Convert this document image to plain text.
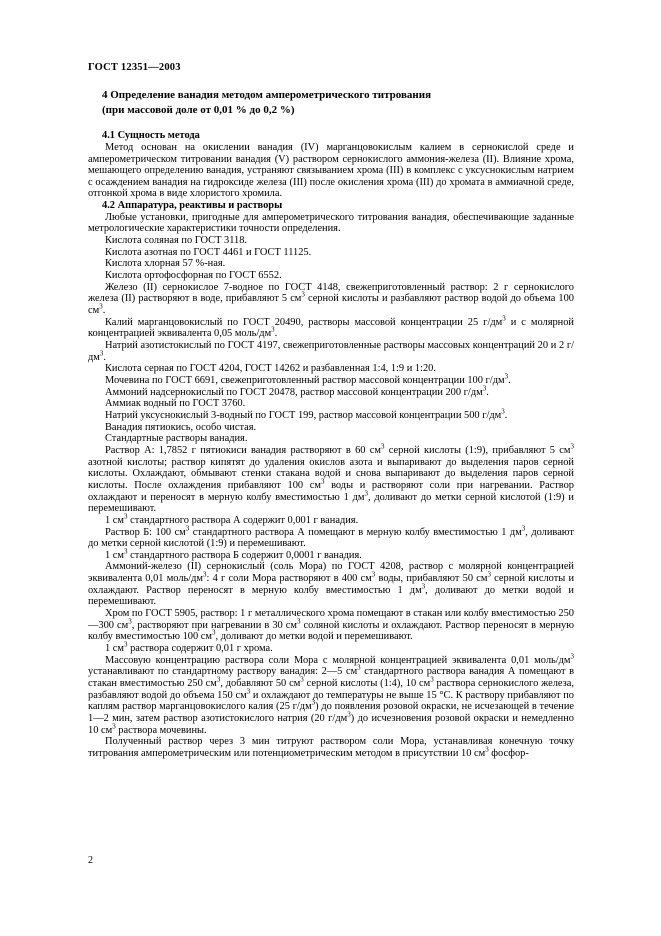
ГОСТ 12351—2003
4 Определение ванадия методом амперометрического титрования
(при массовой доле от 0,01 % до 0,2 %)
4.1 Сущность метода

Метод основан на окислении ванадия (IV) марганцовокислым калием в сернокислой среде и амперометрическом титровании ванадия (V) раствором сернокислого аммония-железа (II). Влияние хрома, мешающего определению ванадия, устраняют связыванием хрома (III) в комплекс с уксуснокислым натрием с осаждением ванадия на гидроксиде железа (III) после окисления хрома (III) до хромата в аммиачной среде, отгонкой хрома в виде хлористого хромила.

4.2 Аппаратура, реактивы и растворы

Любые установки, пригодные для амперометрического титрования ванадия, обеспечивающие заданные метрологические характеристики точности определения.

Кислота соляная по ГОСТ 3118.

Кислота азотная по ГОСТ 4461 и ГОСТ 11125.

Кислота хлорная 57 %-ная.

Кислота ортофосфорная по ГОСТ 6552.

Железо (II) сернокислое 7-водное по ГОСТ 4148, свежеприготовленный раствор: 2 г сернокислого железа (II) растворяют в воде, прибавляют 5 $см^3$ серной кислоты и разбавляют раствор водой до объема 100 $см^3$.

Калий марганцовокислый по ГОСТ 20490, растворы массовой концентрации 25 $г/дм^3$ и с молярной концентрацией эквивалента 0,05 моль/$дм^3$.

Натрий азотистокислый по ГОСТ 4197, свежеприготовленные растворы массовых концентраций 20 и 2 $г/дм^3$.

Кислота серная по ГОСТ 4204, ГОСТ 14262 и разбавленная 1:4, 1:9 и 1:20.

Мочевина по ГОСТ 6691, свежеприготовленный раствор массовой концентрации 100 $г/дм^3$.

Аммоний надсернокислый по ГОСТ 20478, раствор массовой концентрации 200 $г/дм^3$.

Аммиак водный по ГОСТ 3760.

Натрий уксуснокислый 3-водный по ГОСТ 199, раствор массовой концентрации 500 $г/дм^3$.

Ванадия пятиокись, особо чистая.

Стандартные растворы ванадия.

Раствор А: 1,7852 г пятиокиси ванадия растворяют в 60 $см^3$ серной кислоты (1:9), прибавляют 5 $см^3$ азотной кислоты; раствор кипятят до удаления окислов азота и выпаривают до выделения паров серной кислоты. Охлаждают, обмывают стенки стакана водой и снова выпаривают до выделения паров серной кислоты. После охлаждения прибавляют 100 $см^3$ воды и растворяют соли при нагревании. Раствор охлаждают и переносят в мерную колбу вместимостью 1 $дм^3$, доливают до метки серной кислотой (1:9) и перемешивают.

1 $см^3$ стандартного раствора А содержит 0,001 г ванадия.

Раствор Б: 100 $см^3$ стандартного раствора А помещают в мерную колбу вместимостью 1 $дм^3$, доливают до метки серной кислотой (1:9) и перемешивают.

1 $см^3$ стандартного раствора Б содержит 0,0001 г ванадия.

Аммоний-железо (II) сернокислый (соль Мора) по ГОСТ 4208, раствор с молярной концентрацией эквивалента 0,01 моль/$дм^3$: 4 г соли Мора растворяют в 400 $см^3$ воды, прибавляют 50 $см^3$ серной кислоты и охлаждают. Раствор переносят в мерную колбу вместимостью 1 $дм^3$, доливают до метки водой и перемешивают.

Хром по ГОСТ 5905, раствор: 1 г металлического хрома помещают в стакан или колбу вместимостью 250—300 $см^3$, растворяют при нагревании в 30 $см^3$ соляной кислоты и охлаждают. Раствор переносят в мерную колбу вместимостью 100 $см^3$, доливают до метки водой и перемешивают.

1 $см^3$ раствора содержит 0,01 г хрома.

Массовую концентрацию раствора соли Мора с молярной концентрацией эквивалента 0,01 моль/$дм^3$ устанавливают по стандартному раствору ванадия: 2—5 $см^3$ стандартного раствора ванадия А помещают в стакан вместимостью 250 $см^3$, добавляют 50 $см^3$ серной кислоты (1:4), 10 $см^3$ раствора сернокислого железа, разбавляют водой до объема 150 $см^3$ и охлаждают до температуры не выше 15 °С. К раствору прибавляют по каплям раствор марганцовокислого калия (25 $г/дм^3$) до появления розовой окраски, не исчезающей в течение 1—2 мин, затем раствор азотистокислого натрия (20 $г/дм^3$) до исчезновения розовой окраски и немедленно 10 $см^3$ раствора мочевины.

Полученный раствор через 3 мин титруют раствором соли Мора, устанавливая конечную точку титрования амперометрическим или потенциометрическим методом в присутствии 10 $см^3$ фосфор-

2
